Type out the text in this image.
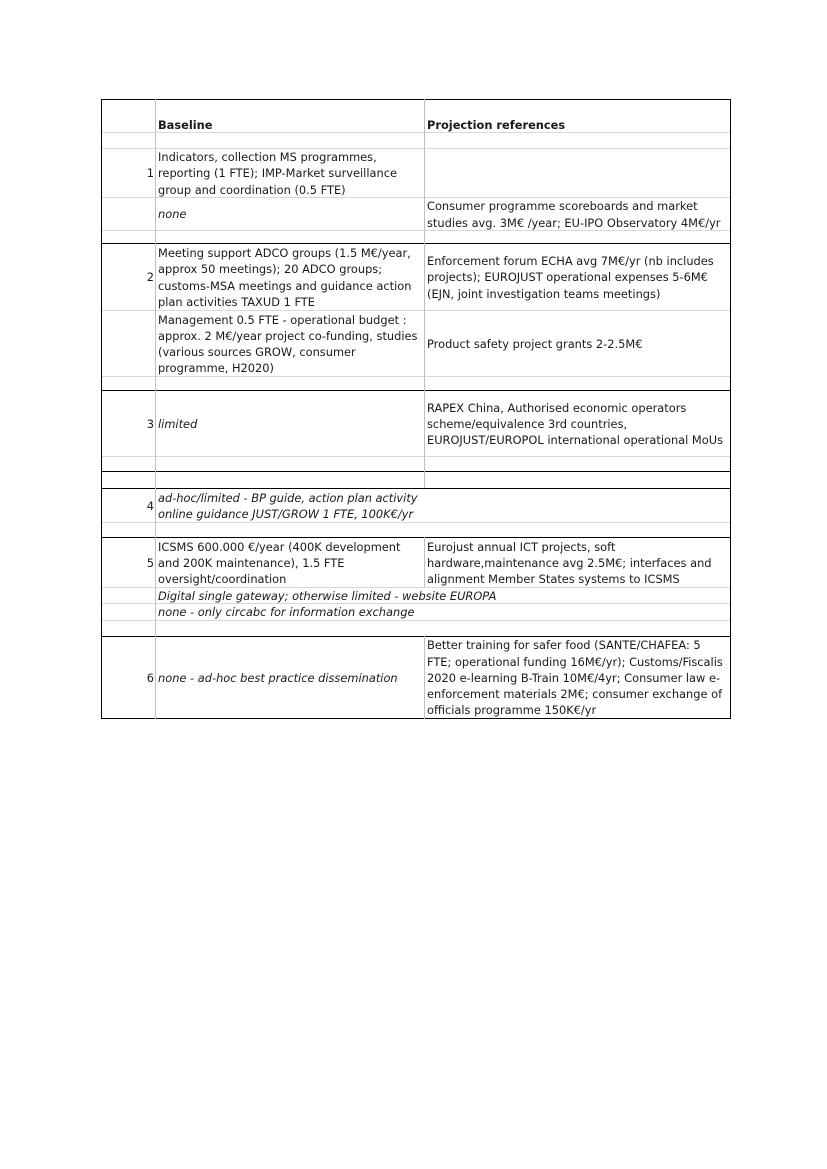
Baseline	Projection references
1
Indicators, collection MS programmes, reporting (1 FTE); IMP-Market surveillance group and coordination (0.5 FTE)
none
Consumer programme scoreboards and market studies avg. 3M€ /year; EU-IPO Observatory 4M€/yr
2
Meeting support ADCO groups (1.5 M€/year, approx 50 meetings); 20 ADCO groups; customs-MSA meetings and guidance action plan activities TAXUD 1 FTE
Enforcement forum ECHA avg 7M€/yr (nb includes projects); EUROJUST operational expenses 5-6M€ (EJN, joint investigation teams meetings)
Management 0.5 FTE - operational budget : approx. 2 M€/year project co-funding, studies (various sources GROW, consumer programme, H2020)
Product safety project grants 2-2.5M€
3 limited
RAPEX China, Authorised economic operators scheme/equivalence 3rd countries, EUROJUST/EUROPOL international operational MoUs
4
ad-hoc/limited - BP guide, action plan activity online guidance JUST/GROW 1 FTE, 100K€/yr
5
ICSMS 600.000 €/year (400K development and 200K maintenance), 1.5 FTE oversight/coordination
Eurojust annual ICT projects, soft hardware,maintenance avg 2.5M€; interfaces and alignment Member States systems to ICSMS
Digital single gateway; otherwise limited - website EUROPA
none - only circabc for information exchange
6 none - ad-hoc best practice dissemination
Better training for safer food (SANTE/CHAFEA: 5 FTE; operational funding 16M€/yr); Customs/Fiscalis 2020 e-learning B-Train 10M€/4yr; Consumer law e-enforcement materials 2M€; consumer exchange of officials programme 150K€/yr
